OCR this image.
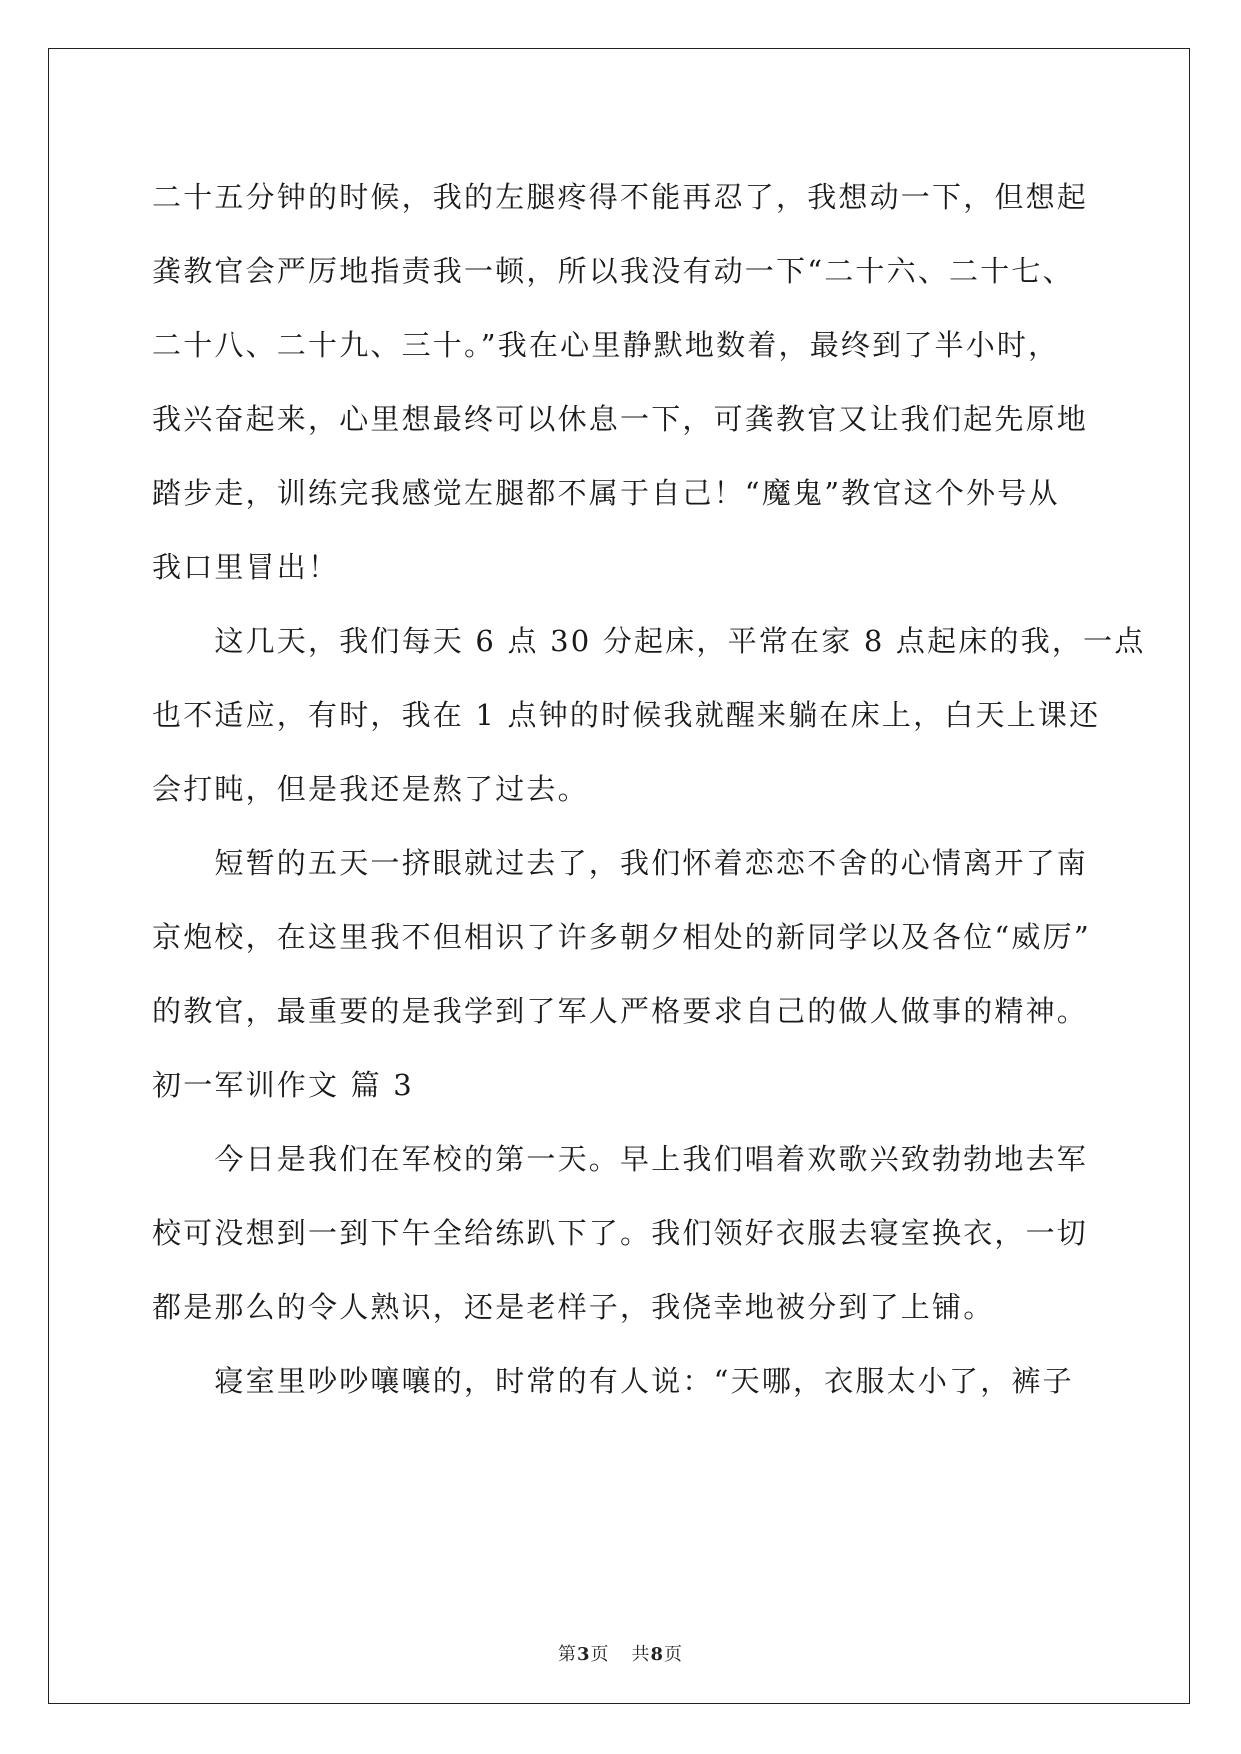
二十五分钟的时候，我的左腿疼得不能再忍了，我想动一下，但想起
龚教官会严厉地指责我一顿，所以我没有动一下“二十六、二十七、
二十八、二十九、三十。”我在心里静默地数着，最终到了半小时，
我兴奋起来，心里想最终可以休息一下，可龚教官又让我们起先原地
踏步走，训练完我感觉左腿都不属于自己！“魔鬼”教官这个外号从
我口里冒出！
　　这几天，我们每天 6 点 30 分起床，平常在家 8 点起床的我，一点
也不适应，有时，我在 1 点钟的时候我就醒来躺在床上，白天上课还
会打盹，但是我还是熬了过去。
　　短暂的五天一挤眼就过去了，我们怀着恋恋不舍的心情离开了南
京炮校，在这里我不但相识了许多朝夕相处的新同学以及各位“威厉”
的教官，最重要的是我学到了军人严格要求自己的做人做事的精神。
初一军训作文 篇 3
　　今日是我们在军校的第一天。早上我们唱着欢歌兴致勃勃地去军
校可没想到一到下午全给练趴下了。我们领好衣服去寝室换衣，一切
都是那么的令人熟识，还是老样子，我侥幸地被分到了上铺。
　　寝室里吵吵嚷嚷的，时常的有人说：“天哪，衣服太小了，裤子
第3页 共8页
